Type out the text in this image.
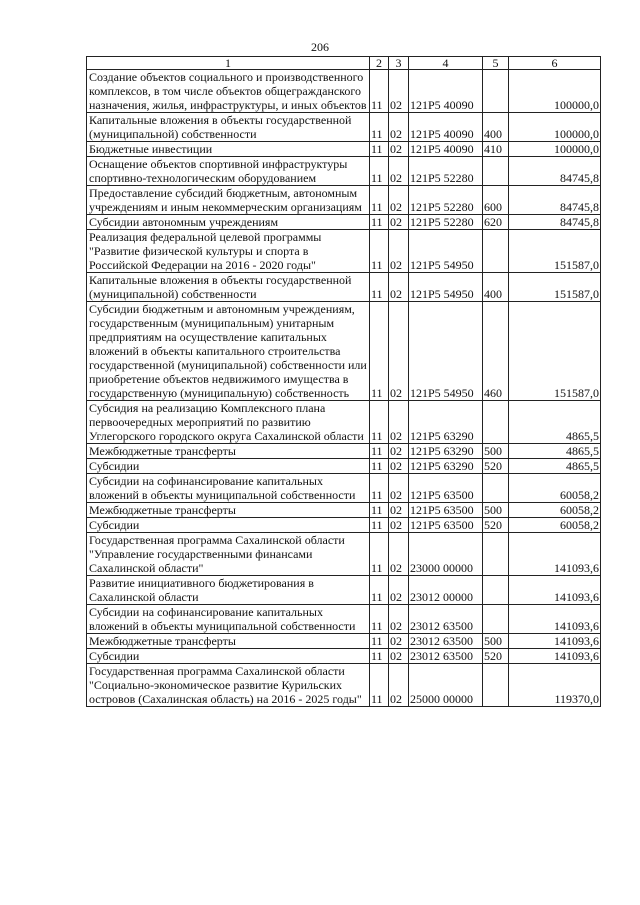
206
1	2	3	4	5	6
Создание объектов социального и производственного комплексов, в том числе объектов общегражданского назначения, жилья, инфраструктуры, и иных объектов	11	02	121P5 40090		100000,0
Капитальные вложения в объекты государственной (муниципальной) собственности	11	02	121P5 40090	400	100000,0
Бюджетные инвестиции	11	02	121P5 40090	410	100000,0
Оснащение объектов спортивной инфраструктуры спортивно-технологическим оборудованием	11	02	121P5 52280		84745,8
Предоставление субсидий бюджетным, автономным учреждениям и иным некоммерческим организациям	11	02	121P5 52280	600	84745,8
Субсидии автономным учреждениям	11	02	121P5 52280	620	84745,8
Реализация федеральной целевой программы "Развитие физической культуры и спорта в Российской Федерации на 2016 - 2020 годы"	11	02	121P5 54950		151587,0
Капитальные вложения в объекты государственной (муниципальной) собственности	11	02	121P5 54950	400	151587,0
Субсидии бюджетным и автономным учреждениям, государственным (муниципальным) унитарным предприятиям на осуществление капитальных вложений в объекты капитального строительства государственной (муниципальной) собственности или приобретение объектов недвижимого имущества в государственную (муниципальную) собственность	11	02	121P5 54950	460	151587,0
Субсидия на реализацию Комплексного плана первоочередных мероприятий по развитию Углегорского городского округа Сахалинской области	11	02	121P5 63290		4865,5
Межбюджетные трансферты	11	02	121P5 63290	500	4865,5
Субсидии	11	02	121P5 63290	520	4865,5
Субсидии на софинансирование капитальных вложений в объекты муниципальной собственности	11	02	121P5 63500		60058,2
Межбюджетные трансферты	11	02	121P5 63500	500	60058,2
Субсидии	11	02	121P5 63500	520	60058,2
Государственная программа Сахалинской области "Управление государственными финансами Сахалинской области"	11	02	23000 00000		141093,6
Развитие инициативного бюджетирования в Сахалинской области	11	02	23012 00000		141093,6
Субсидии на софинансирование капитальных вложений в объекты муниципальной собственности	11	02	23012 63500		141093,6
Межбюджетные трансферты	11	02	23012 63500	500	141093,6
Субсидии	11	02	23012 63500	520	141093,6
Государственная программа Сахалинской области "Социально-экономическое развитие Курильских островов (Сахалинская область) на 2016 - 2025 годы"	11	02	25000 00000		119370,0
